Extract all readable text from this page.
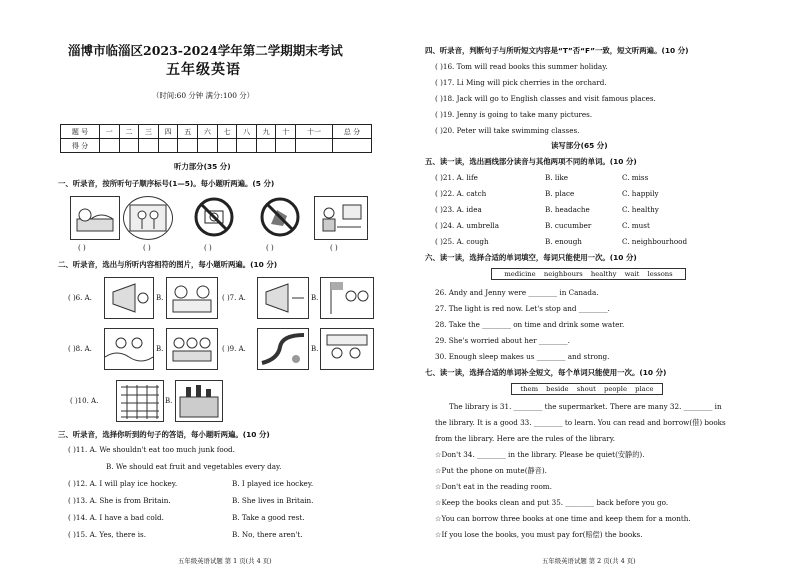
淄博市临淄区2023-2024学年第二学期期末考试
五年级英语
（时间:60 分钟 满分:100 分）
题 号	一	二	三	四	五	六	七	八	九	十	十一	总 分
得 分												
听力部分(35 分)
一、听录音，按所听句子顺序标号(1—5)。每小题听两遍。(5 分)
( )	( )	( )	( )	( )
二、听录音，选出与所听内容相符的图片，每小题听两遍。(10 分)
( )6. A.	B.	( )7. A.	B.
( )8. A.	B.	( )9. A.	B.
( )10. A.	B.
三、听录音，选择你听到的句子的答语，每小题听两遍。(10 分)
( )11. A. We shouldn't eat too much junk food.
B. We should eat fruit and vegetables every day.
( )12. A. I will play ice hockey.	B. I played ice hockey.
( )13. A. She is from Britain.	B. She lives in Britain.
( )14. A. I have a bad cold.	B. Take a good rest.
( )15. A. Yes, there is.	B. No, there aren't.
五年级英语试题 第 1 页(共 4 页)
四、听录音，判断句子与所听短文内容是“T”否“F”一致，短文听两遍。(10 分)
( )16. Tom will read books this summer holiday.
( )17. Li Ming will pick cherries in the orchard.
( )18. Jack will go to English classes and visit famous places.
( )19. Jenny is going to take many pictures.
( )20. Peter will take swimming classes.
读写部分(65 分)
五、读一读，选出画线部分读音与其他两项不同的单词。(10 分)
( )21. A. life	B. like	C. miss
( )22. A. catch	B. place	C. happily
( )23. A. idea	B. headache	C. healthy
( )24. A. umbrella	B. cucumber	C. must
( )25. A. cough	B. enough	C. neighbourhood
六、读一读，选择合适的单词填空，每词只能使用一次。(10 分)
medicine neighbours healthy wait lessons
26. Andy and Jenny were ________ in Canada.
27. The light is red now. Let's stop and ________.
28. Take the ________ on time and drink some water.
29. She's worried about her ________.
30. Enough sleep makes us ________ and strong.
七、读一读，选择合适的单词补全短文，每个单词只能使用一次。(10 分)
them beside shout people place
The library is 31. ________ the supermarket. There are many 32. ________ in
the library. It is a good 33. ________ to learn. You can read and borrow(借) books
from the library. Here are the rules of the library.
☆Don't 34. ________ in the library. Please be quiet(安静的).
☆Put the phone on mute(静音).
☆Don't eat in the reading room.
☆Keep the books clean and put 35. ________ back before you go.
☆You can borrow three books at one time and keep them for a month.
☆If you lose the books, you must pay for(赔偿) the books.
五年级英语试题 第 2 页(共 4 页)
